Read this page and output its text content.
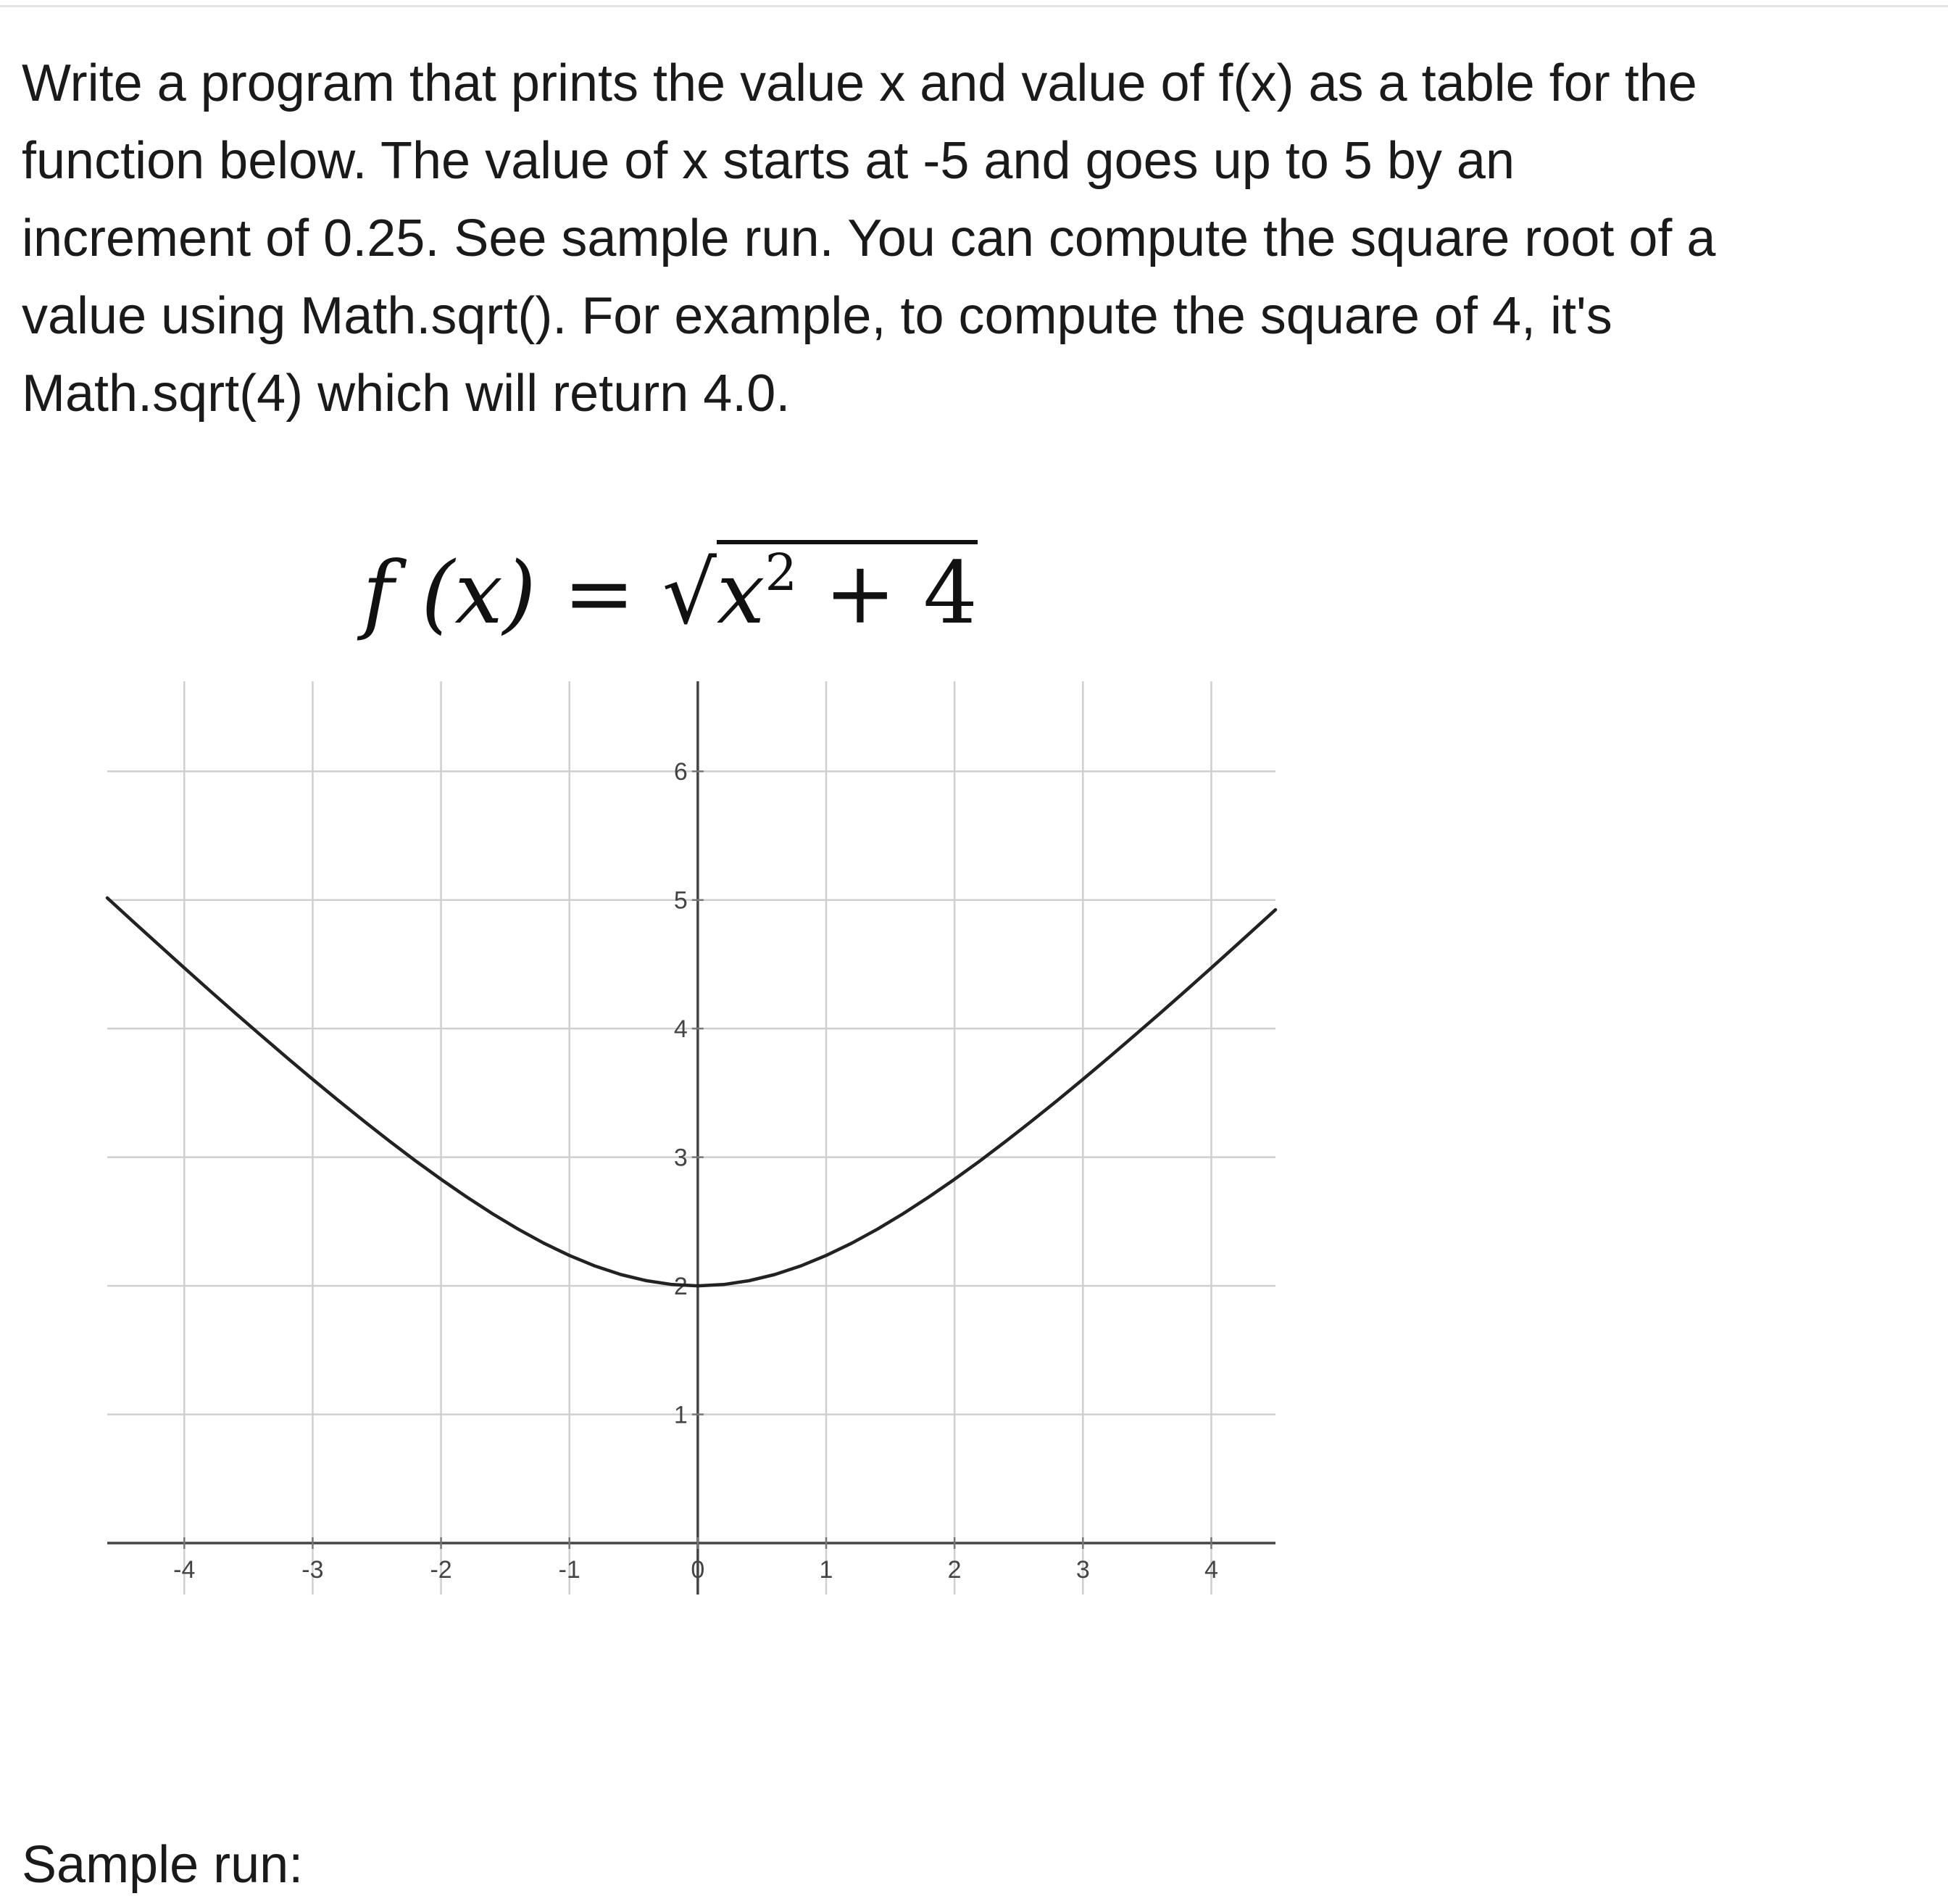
Write a program that prints the value x and value of f(x) as a table for the
function below. The value of x starts at -5 and goes up to 5 by an
increment of 0.25. See sample run. You can compute the square root of a
value using Math.sqrt(). For example, to compute the square of 4, it's
Math.sqrt(4) which will return 4.0.
f $(x) = √x^2 + 4$
-4	-3	-2	-1	0	1	2	3	4
1
2
3
4
5
6

Sample run:
